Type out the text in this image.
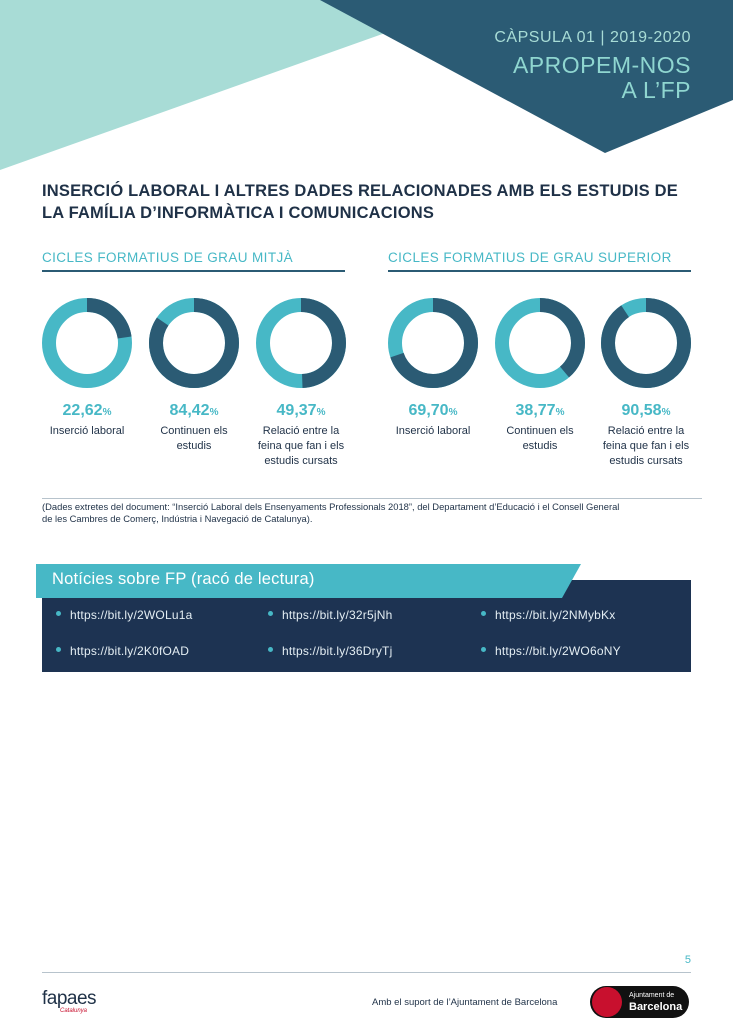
CÀPSULA 01 | 2019-2020
APROPEM-NOS
A L’FP
INSERCIÓ LABORAL I ALTRES DADES RELACIONADES AMB ELS ESTUDIS DE
LA FAMÍLIA D’INFORMÀTICA I COMUNICACIONS
CICLES FORMATIUS DE GRAU MITJÀ	CICLES FORMATIUS DE GRAU SUPERIOR
22,62%
Inserció laboral
84,42%
Continuen els
estudis
49,37%
Relació entre la
feina que fan i els
estudis cursats
69,70%
Inserció laboral
38,77%
Continuen els
estudis
90,58%
Relació entre la
feina que fan i els
estudis cursats
(Dades extretes del document: “Inserció Laboral dels Ensenyaments Professionals 2018”, del Departament d’Educació i el Consell General
de les Cambres de Comerç, Indústria i Navegació de Catalunya).
Notícies sobre FP (racó de lectura)
https://bit.ly/2WOLu1a	https://bit.ly/32r5jNh	https://bit.ly/2NMybKx
https://bit.ly/2K0fOAD	https://bit.ly/36DryTj	https://bit.ly/2WO6oNY
5
fapaes
Catalunya
Amb el suport de l’Ajuntament de Barcelona
Ajuntament de
Barcelona
